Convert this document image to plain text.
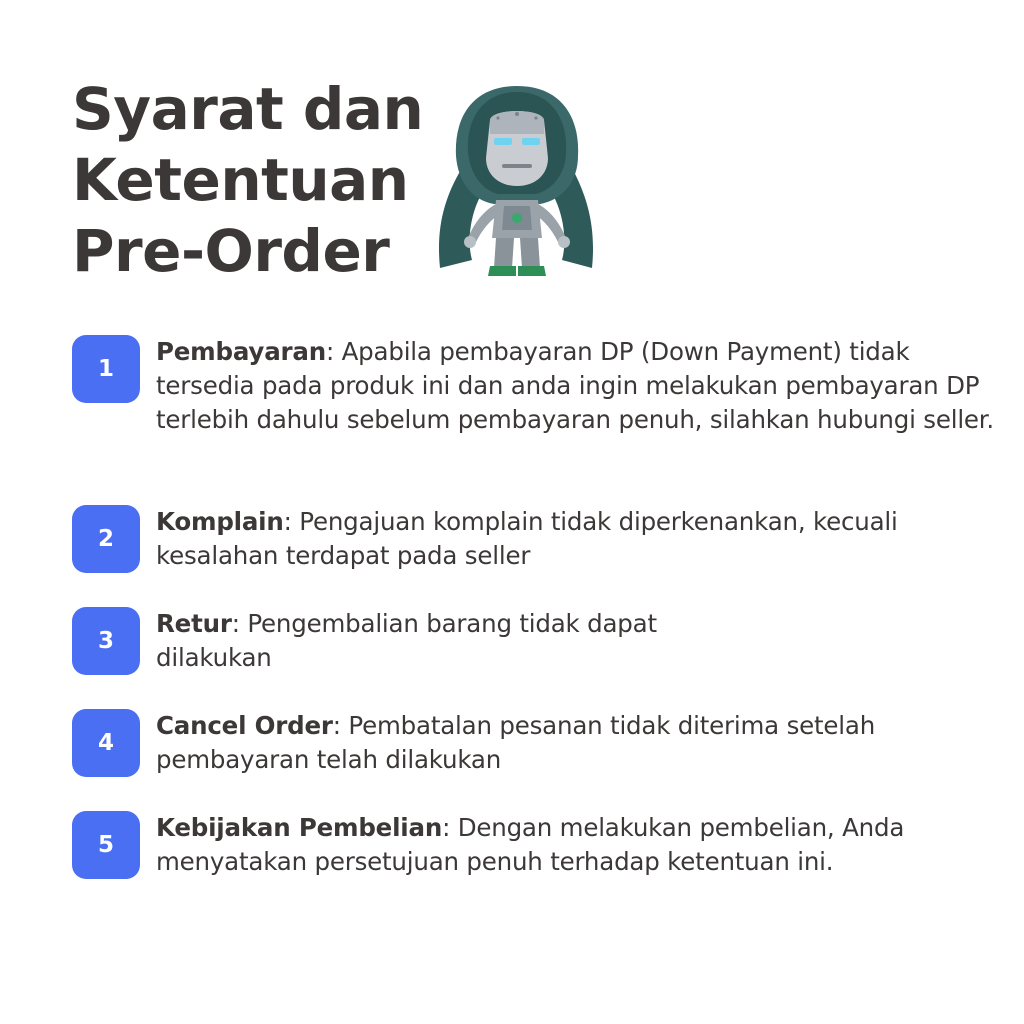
Syarat dan
Ketentuan
Pre-Order
1

Pembayaran: Apabila pembayaran DP (Down Payment) tidak tersedia pada produk ini dan anda ingin melakukan pembayaran DP terlebih dahulu sebelum pembayaran penuh, silahkan hubungi seller.

2

Komplain: Pengajuan komplain tidak diperkenankan, kecuali kesalahan terdapat pada seller

3

Retur: Pengembalian barang tidak dapat dilakukan

4

Cancel Order: Pembatalan pesanan tidak diterima setelah pembayaran telah dilakukan

5

Kebijakan Pembelian: Dengan melakukan pembelian, Anda menyatakan persetujuan penuh terhadap ketentuan ini.
